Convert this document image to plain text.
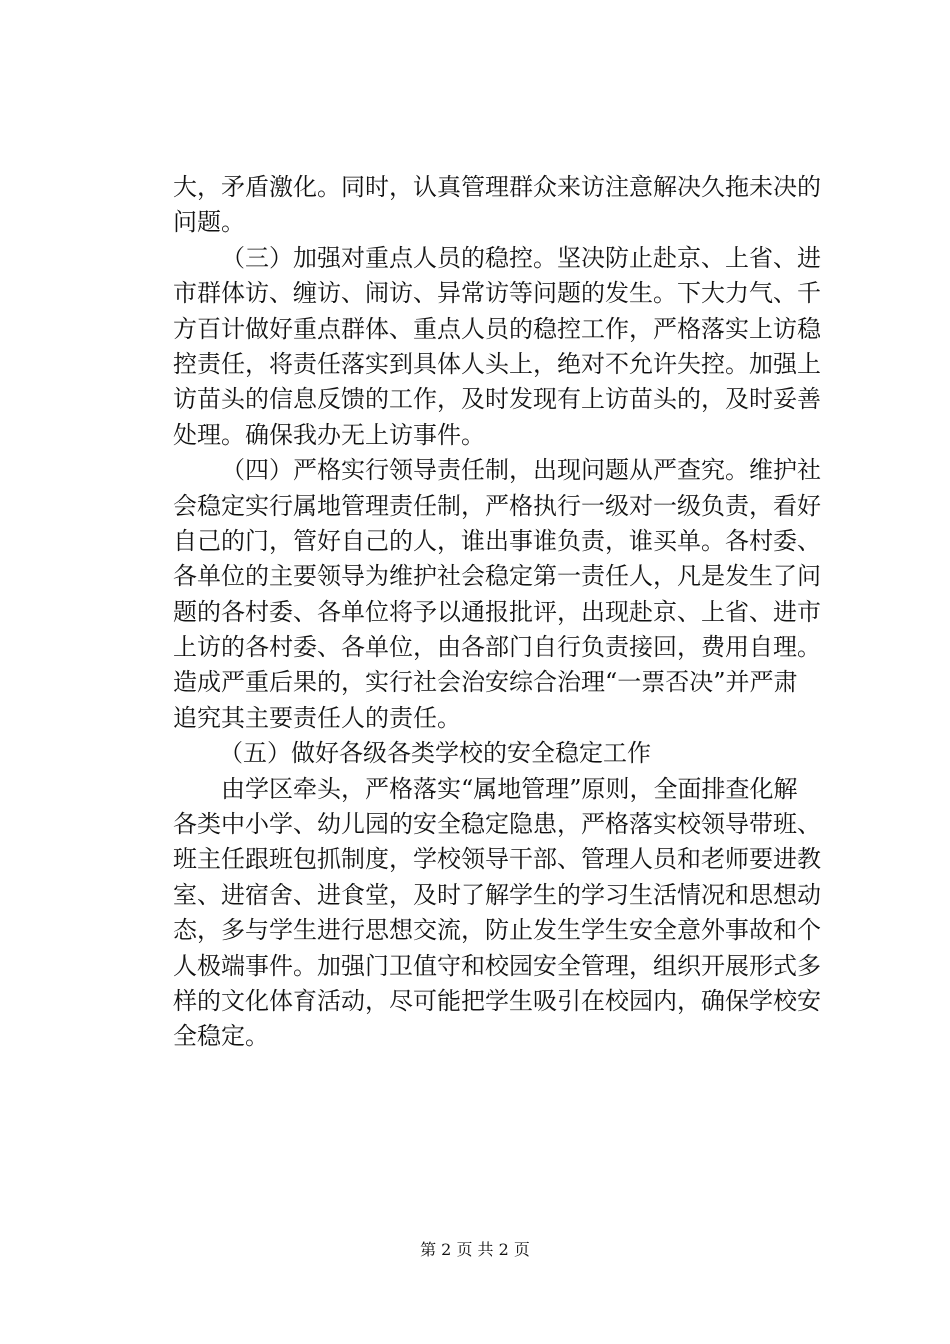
大，矛盾激化。同时，认真管理群众来访注意解决久拖未决的
问题。
（三）加强对重点人员的稳控。坚决防止赴京、上省、进
市群体访、缠访、闹访、异常访等问题的发生。下大力气、千
方百计做好重点群体、重点人员的稳控工作，严格落实上访稳
控责任，将责任落实到具体人头上，绝对不允许失控。加强上
访苗头的信息反馈的工作，及时发现有上访苗头的，及时妥善
处理。确保我办无上访事件。
（四）严格实行领导责任制，出现问题从严查究。维护社
会稳定实行属地管理责任制，严格执行一级对一级负责，看好
自己的门，管好自己的人，谁出事谁负责，谁买单。各村委、
各单位的主要领导为维护社会稳定第一责任人，凡是发生了问
题的各村委、各单位将予以通报批评，出现赴京、上省、进市
上访的各村委、各单位，由各部门自行负责接回，费用自理。
造成严重后果的，实行社会治安综合治理“一票否决”并严肃
追究其主要责任人的责任。
（五）做好各级各类学校的安全稳定工作
由学区牵头，严格落实“属地管理”原则，全面排查化解
各类中小学、幼儿园的安全稳定隐患，严格落实校领导带班、
班主任跟班包抓制度，学校领导干部、管理人员和老师要进教
室、进宿舍、进食堂，及时了解学生的学习生活情况和思想动
态，多与学生进行思想交流，防止发生学生安全意外事故和个
人极端事件。加强门卫值守和校园安全管理，组织开展形式多
样的文化体育活动，尽可能把学生吸引在校园内，确保学校安
全稳定。
第 2 页 共 2 页
